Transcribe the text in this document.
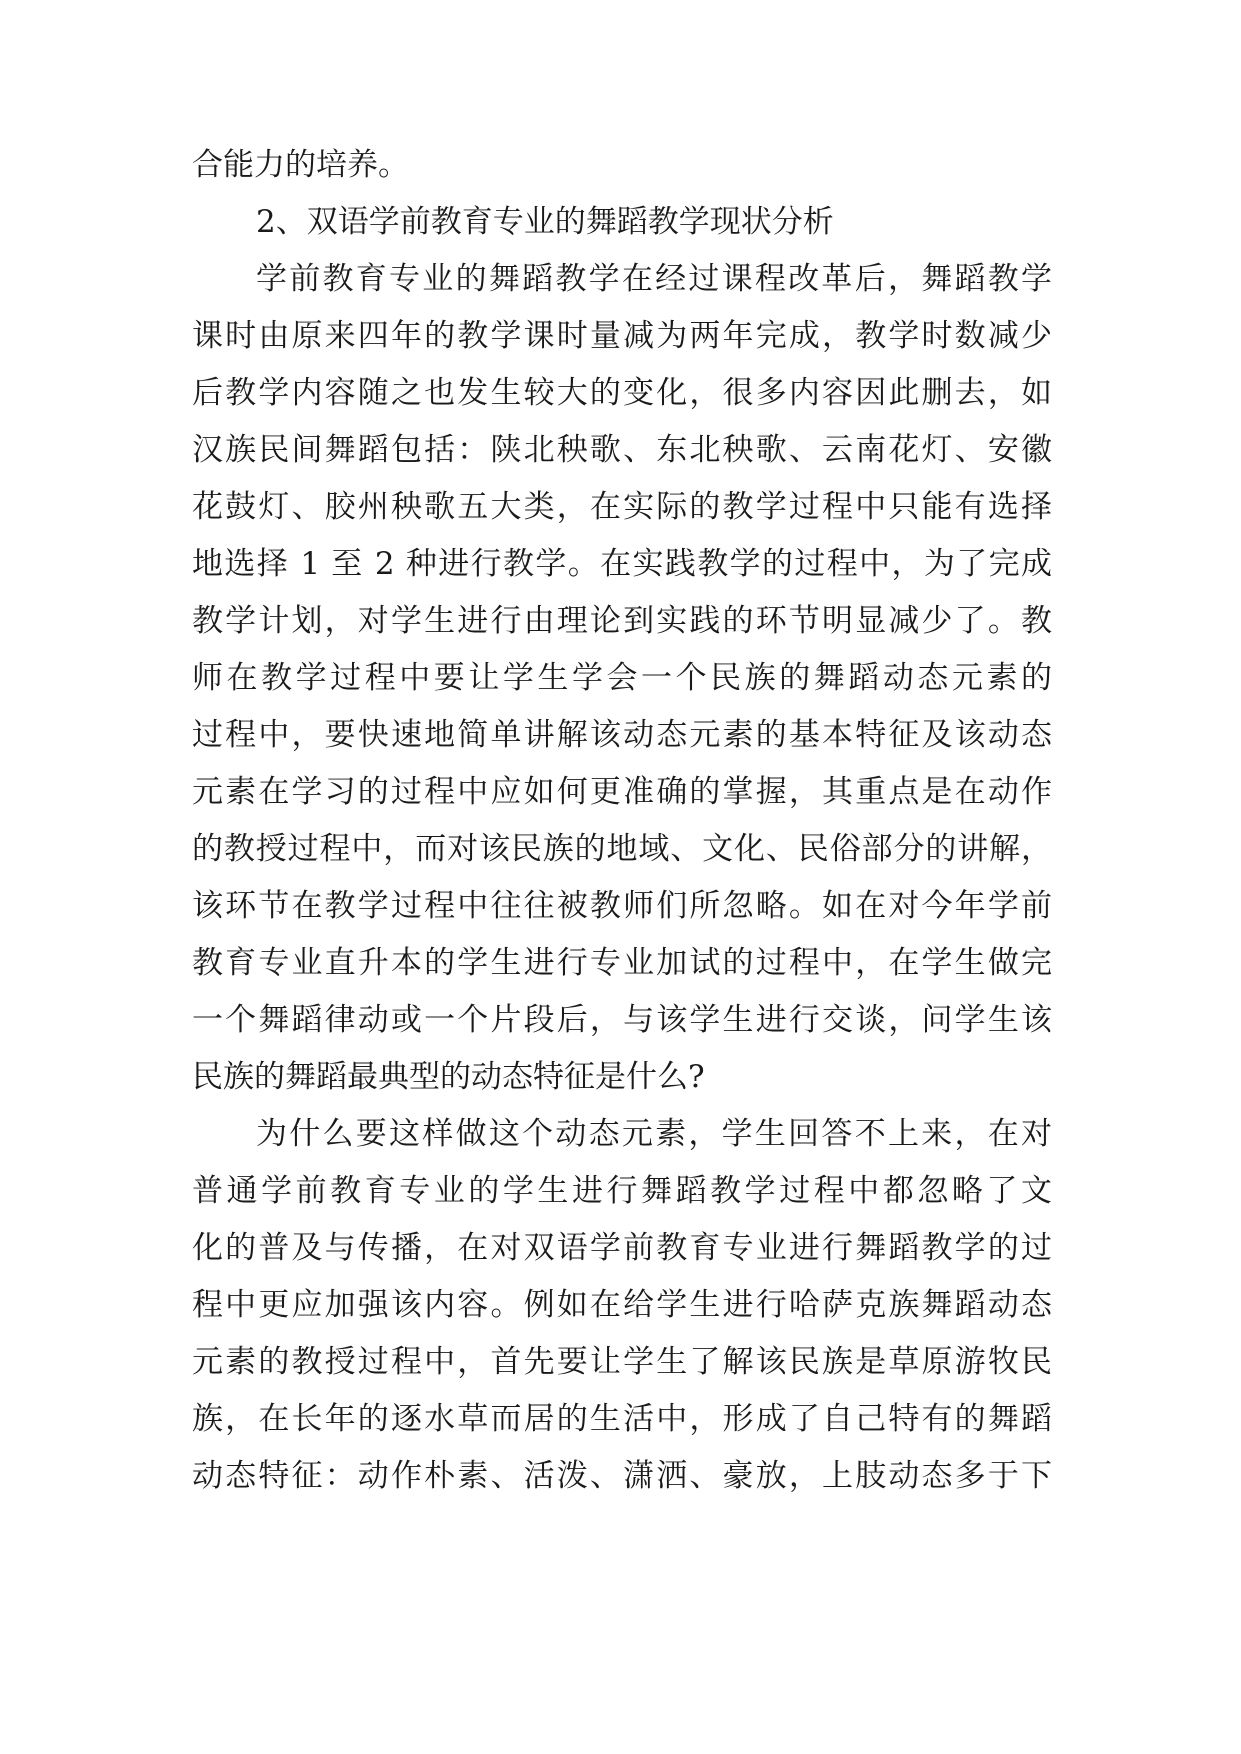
合能力的培养。
2、双语学前教育专业的舞蹈教学现状分析
学前教育专业的舞蹈教学在经过课程改革后，舞蹈教学
课时由原来四年的教学课时量减为两年完成，教学时数减少
后教学内容随之也发生较大的变化，很多内容因此删去，如
汉族民间舞蹈包括：陕北秧歌、东北秧歌、云南花灯、安徽
花鼓灯、胶州秧歌五大类，在实际的教学过程中只能有选择
地选择 1 至 2 种进行教学。在实践教学的过程中，为了完成
教学计划，对学生进行由理论到实践的环节明显减少了。教
师在教学过程中要让学生学会一个民族的舞蹈动态元素的
过程中，要快速地简单讲解该动态元素的基本特征及该动态
元素在学习的过程中应如何更准确的掌握，其重点是在动作
的教授过程中，而对该民族的地域、文化、民俗部分的讲解，
该环节在教学过程中往往被教师们所忽略。如在对今年学前
教育专业直升本的学生进行专业加试的过程中，在学生做完
一个舞蹈律动或一个片段后，与该学生进行交谈，问学生该
民族的舞蹈最典型的动态特征是什么?
为什么要这样做这个动态元素，学生回答不上来，在对
普通学前教育专业的学生进行舞蹈教学过程中都忽略了文
化的普及与传播，在对双语学前教育专业进行舞蹈教学的过
程中更应加强该内容。例如在给学生进行哈萨克族舞蹈动态
元素的教授过程中，首先要让学生了解该民族是草原游牧民
族，在长年的逐水草而居的生活中，形成了自己特有的舞蹈
动态特征：动作朴素、活泼、潇洒、豪放，上肢动态多于下
